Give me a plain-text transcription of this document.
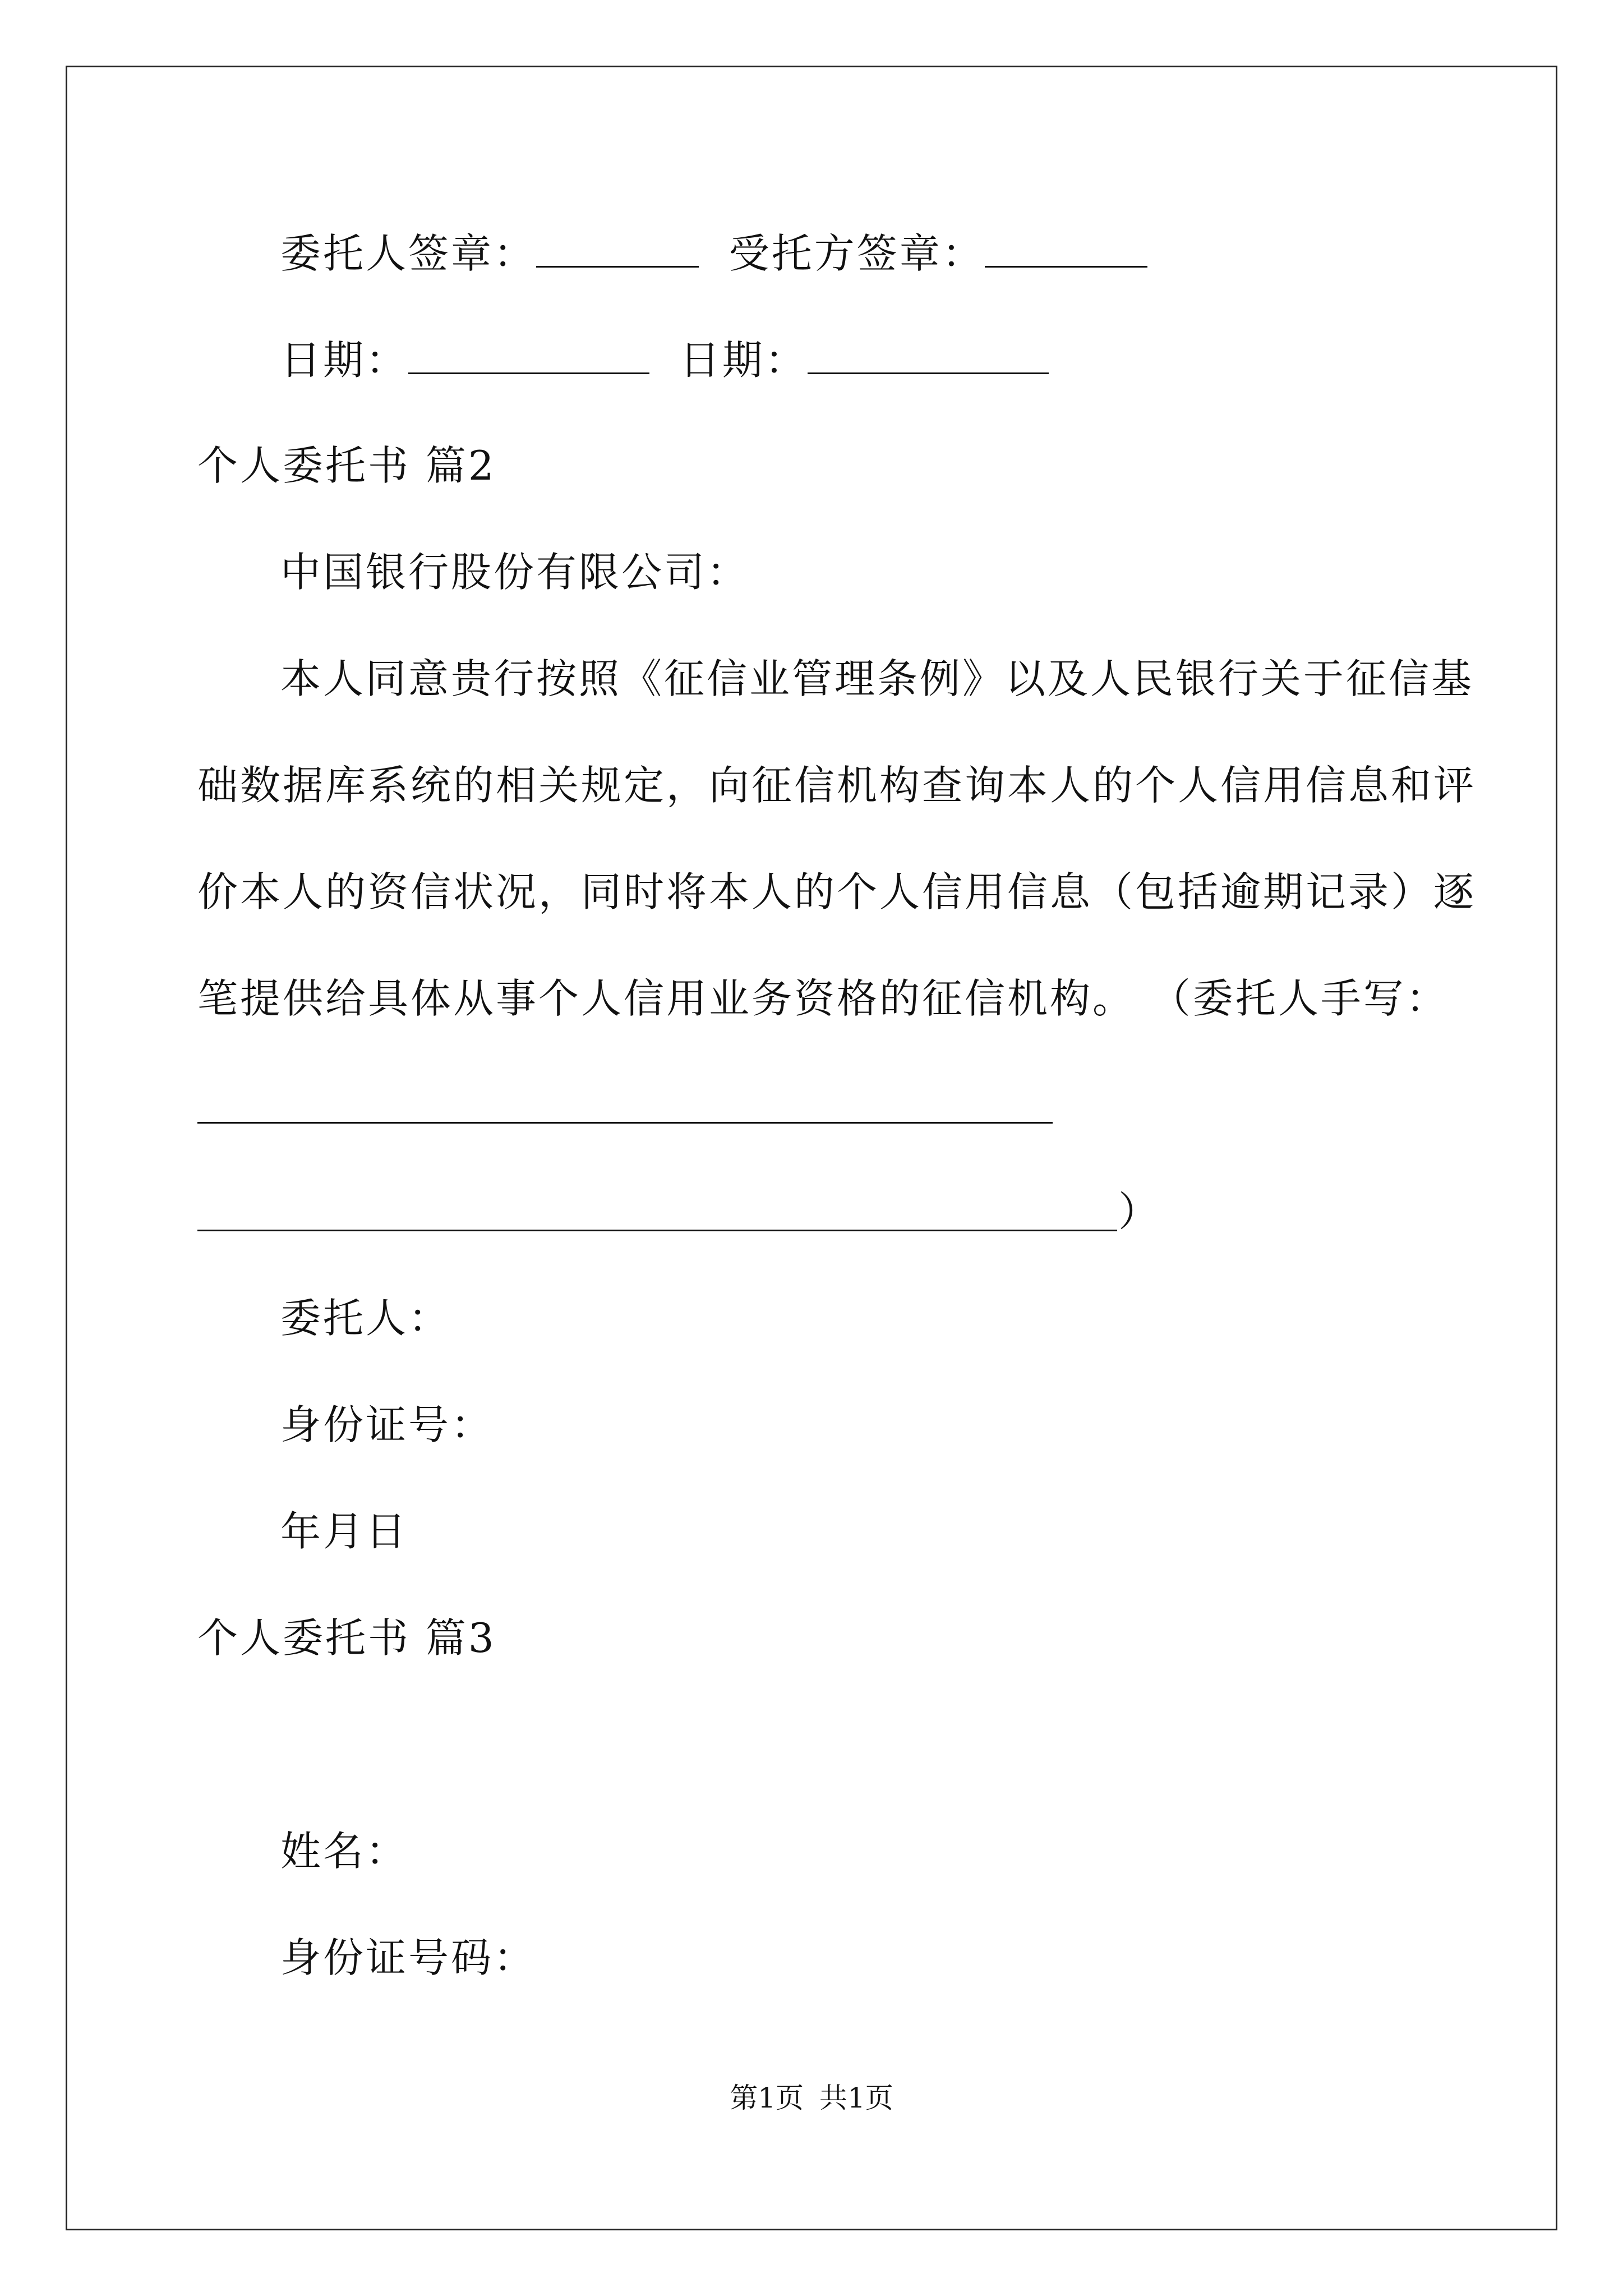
委托人签章：	受托方签章：
日期：	日期：
个人委托书 篇2
中国银行股份有限公司：
本人同意贵行按照《征信业管理条例》以及人民银行关于征信基
础数据库系统的相关规定，向征信机构查询本人的个人信用信息和评
价本人的资信状况，同时将本人的个人信用信息（包括逾期记录）逐
笔提供给具体从事个人信用业务资格的征信机构。 （委托人手写：
）
委托人：
身份证号：
年月日
个人委托书 篇3
姓名：
身份证号码：
第1页 共1页
